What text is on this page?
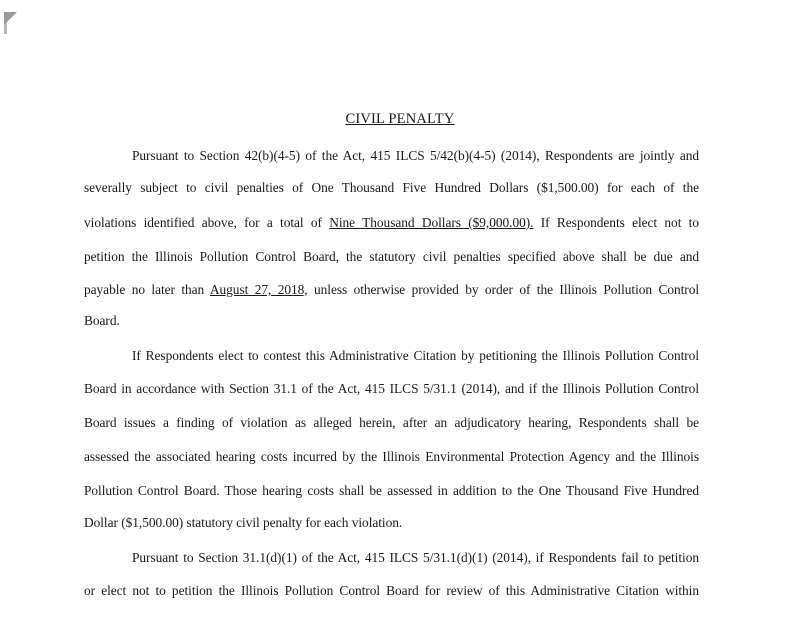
CIVIL PENALTY
Pursuant to Section 42(b)(4-5) of the Act, 415 ILCS 5/42(b)(4-5) (2014), Respondents are jointly and
severally subject to civil penalties of One Thousand Five Hundred Dollars ($1,500.00) for each of the
violations identified above, for a total of Nine Thousand Dollars ($9,000.00). If Respondents elect not to
petition the Illinois Pollution Control Board, the statutory civil penalties specified above shall be due and
payable no later than August 27, 2018, unless otherwise provided by order of the Illinois Pollution Control
Board.
If Respondents elect to contest this Administrative Citation by petitioning the Illinois Pollution Control
Board in accordance with Section 31.1 of the Act, 415 ILCS 5/31.1 (2014), and if the Illinois Pollution Control
Board issues a finding of violation as alleged herein, after an adjudicatory hearing, Respondents shall be
assessed the associated hearing costs incurred by the Illinois Environmental Protection Agency and the Illinois
Pollution Control Board. Those hearing costs shall be assessed in addition to the One Thousand Five Hundred
Dollar ($1,500.00) statutory civil penalty for each violation.
Pursuant to Section 31.1(d)(1) of the Act, 415 ILCS 5/31.1(d)(1) (2014), if Respondents fail to petition
or elect not to petition the Illinois Pollution Control Board for review of this Administrative Citation within
